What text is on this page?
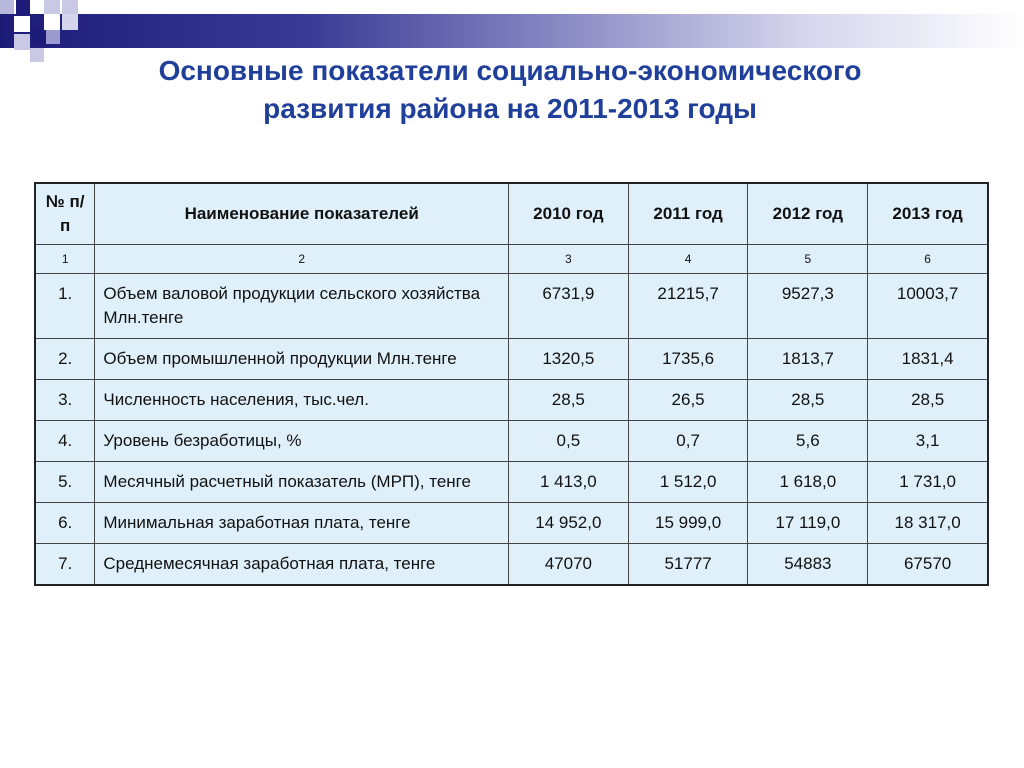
Основные показатели социально-экономического
развития района на 2011-2013 годы
№ п/п	Наименование показателей	2010 год	2011 год	2012 год	2013 год
1	2	3	4	5	6
1.	Объем валовой продукции сельского хозяйства Млн.тенге	6731,9	21215,7	9527,3	10003,7
2.	Объем промышленной продукции Млн.тенге	1320,5	1735,6	1813,7	1831,4
3.	Численность населения, тыс.чел.	28,5	26,5	28,5	28,5
4.	Уровень безработицы, %	0,5	0,7	5,6	3,1
5.	Месячный расчетный показатель (МРП), тенге	1 413,0	1 512,0	1 618,0	1 731,0
6.	Минимальная заработная плата, тенге	14 952,0	15 999,0	17 119,0	18 317,0
7.	Среднемесячная заработная плата, тенге	47070	51777	54883	67570
